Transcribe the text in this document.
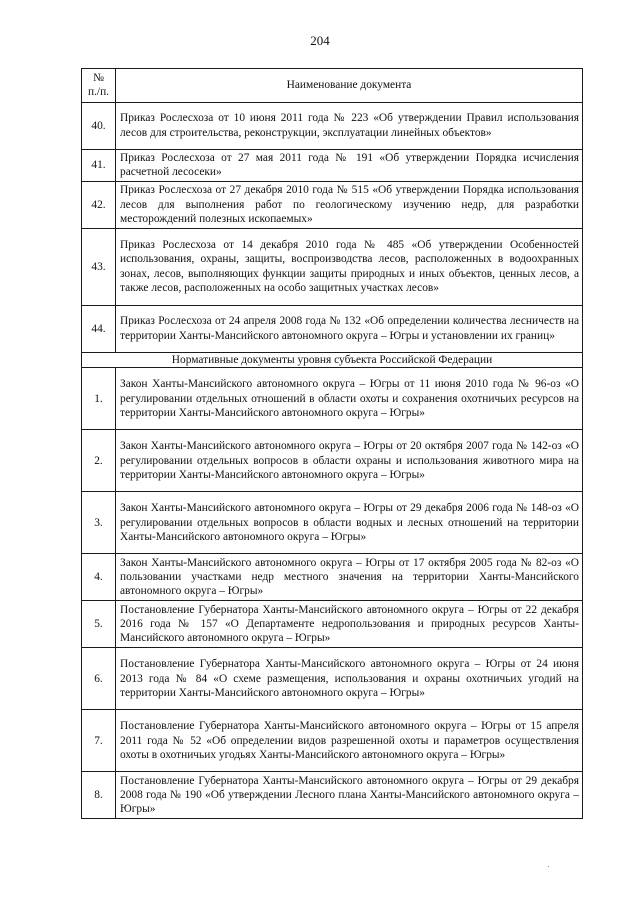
204
№
п./п.	Наименование документа
40.	Приказ Рослесхоза от 10 июня 2011 года № 223 «Об утверждении Правил использования лесов для строительства, реконструкции, эксплуатации линейных объектов»
41.	Приказ Рослесхоза от 27 мая 2011 года № 191 «Об утверждении Порядка исчисления расчетной лесосеки»
42.	Приказ Рослесхоза от 27 декабря 2010 года № 515 «Об утверждении Порядка использования лесов для выполнения работ по геологическому изучению недр, для разработки месторождений полезных ископаемых»
43.	Приказ Рослесхоза от 14 декабря 2010 года № 485 «Об утверждении Особенностей использования, охраны, защиты, воспроизводства лесов, расположенных в водоохранных зонах, лесов, выполняющих функции защиты природных и иных объектов, ценных лесов, а также лесов, расположенных на особо защитных участках лесов»
44.	Приказ Рослесхоза от 24 апреля 2008 года № 132 «Об определении количества лесничеств на территории Ханты-Мансийского автономного округа – Югры и установлении их границ»
Нормативные документы уровня субъекта Российской Федерации	
1.	Закон Ханты-Мансийского автономного округа – Югры от 11 июня 2010 года № 96-оз «О регулировании отдельных отношений в области охоты и сохранения охотничьих ресурсов на территории Ханты-Мансийского автономного округа – Югры»
2.	Закон Ханты-Мансийского автономного округа – Югры от 20 октября 2007 года № 142-оз «О регулировании отдельных вопросов в области охраны и использования животного мира на территории Ханты-Мансийского автономного округа – Югры»
3.	Закон Ханты-Мансийского автономного округа – Югры от 29 декабря 2006 года № 148-оз «О регулировании отдельных вопросов в области водных и лесных отношений на территории Ханты-Мансийского автономного округа – Югры»
4.	Закон Ханты-Мансийского автономного округа – Югры от 17 октября 2005 года № 82-оз «О пользовании участками недр местного значения на территории Ханты-Мансийского автономного округа – Югры»
5.	Постановление Губернатора Ханты-Мансийского автономного округа – Югры от 22 декабря 2016 года № 157 «О Департаменте недропользования и природных ресурсов Ханты-Мансийского автономного округа – Югры»
6.	Постановление Губернатора Ханты-Мансийского автономного округа – Югры от 24 июня 2013 года № 84 «О схеме размещения, использования и охраны охотничьих угодий на территории Ханты-Мансийского автономного округа – Югры»
7.	Постановление Губернатора Ханты-Мансийского автономного округа – Югры от 15 апреля 2011 года № 52 «Об определении видов разрешенной охоты и параметров осуществления охоты в охотничьих угодьях Ханты-Мансийского автономного округа – Югры»
8.	Постановление Губернатора Ханты-Мансийского автономного округа – Югры от 29 декабря 2008 года № 190 «Об утверждении Лесного плана Ханты-Мансийского автономного округа – Югры»
